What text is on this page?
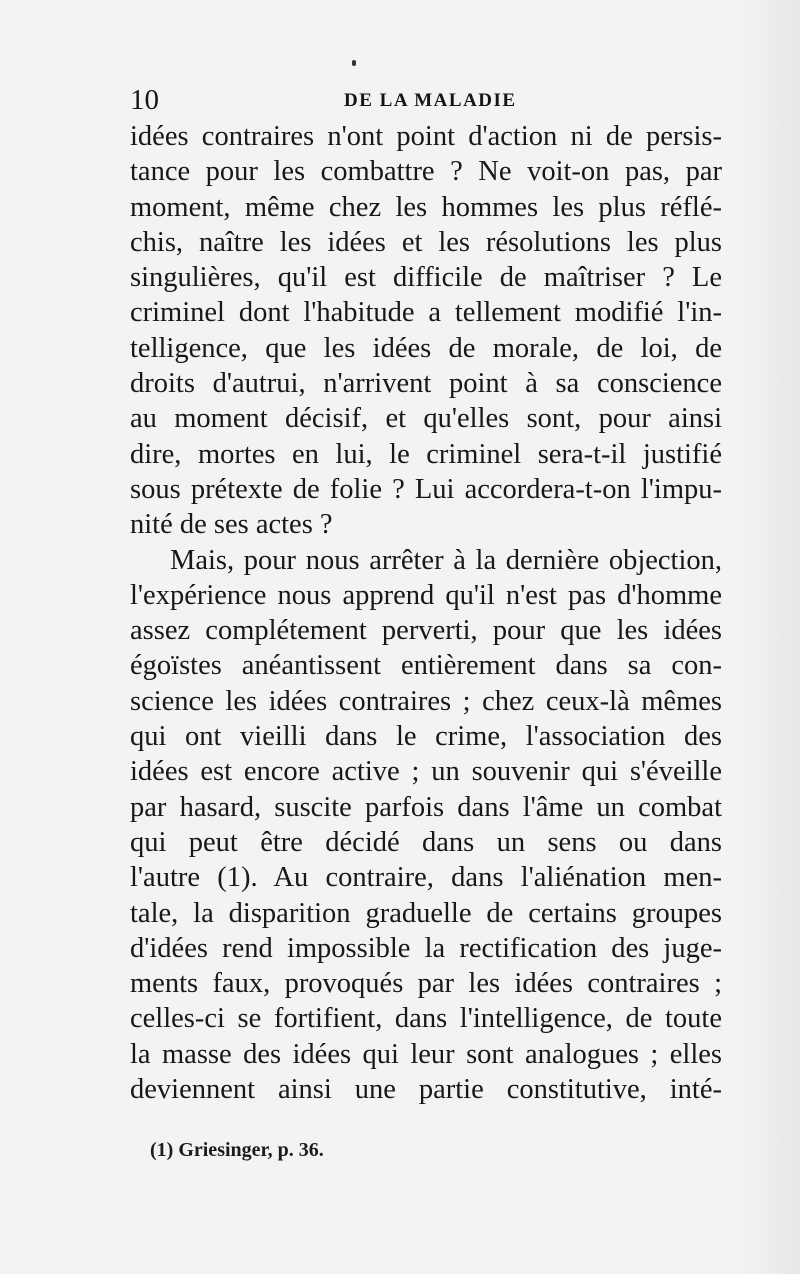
10	DE LA MALADIE
idées contraires n'ont point d'action ni de persis-
tance pour les combattre ? Ne voit-on pas, par
moment, même chez les hommes les plus réflé-
chis, naître les idées et les résolutions les plus
singulières, qu'il est difficile de maîtriser ? Le
criminel dont l'habitude a tellement modifié l'in-
telligence, que les idées de morale, de loi, de
droits d'autrui, n'arrivent point à sa conscience
au moment décisif, et qu'elles sont, pour ainsi
dire, mortes en lui, le criminel sera-t-il justifié
sous prétexte de folie ? Lui accordera-t-on l'impu-
nité de ses actes ?
Mais, pour nous arrêter à la dernière objection,
l'expérience nous apprend qu'il n'est pas d'homme
assez complétement perverti, pour que les idées
égoïstes anéantissent entièrement dans sa con-
science les idées contraires ; chez ceux-là mêmes
qui ont vieilli dans le crime, l'association des
idées est encore active ; un souvenir qui s'éveille
par hasard, suscite parfois dans l'âme un combat
qui peut être décidé dans un sens ou dans
l'autre (1). Au contraire, dans l'aliénation men-
tale, la disparition graduelle de certains groupes
d'idées rend impossible la rectification des juge-
ments faux, provoqués par les idées contraires ;
celles-ci se fortifient, dans l'intelligence, de toute
la masse des idées qui leur sont analogues ; elles
deviennent ainsi une partie constitutive, inté-
(1) Griesinger, p. 36.
